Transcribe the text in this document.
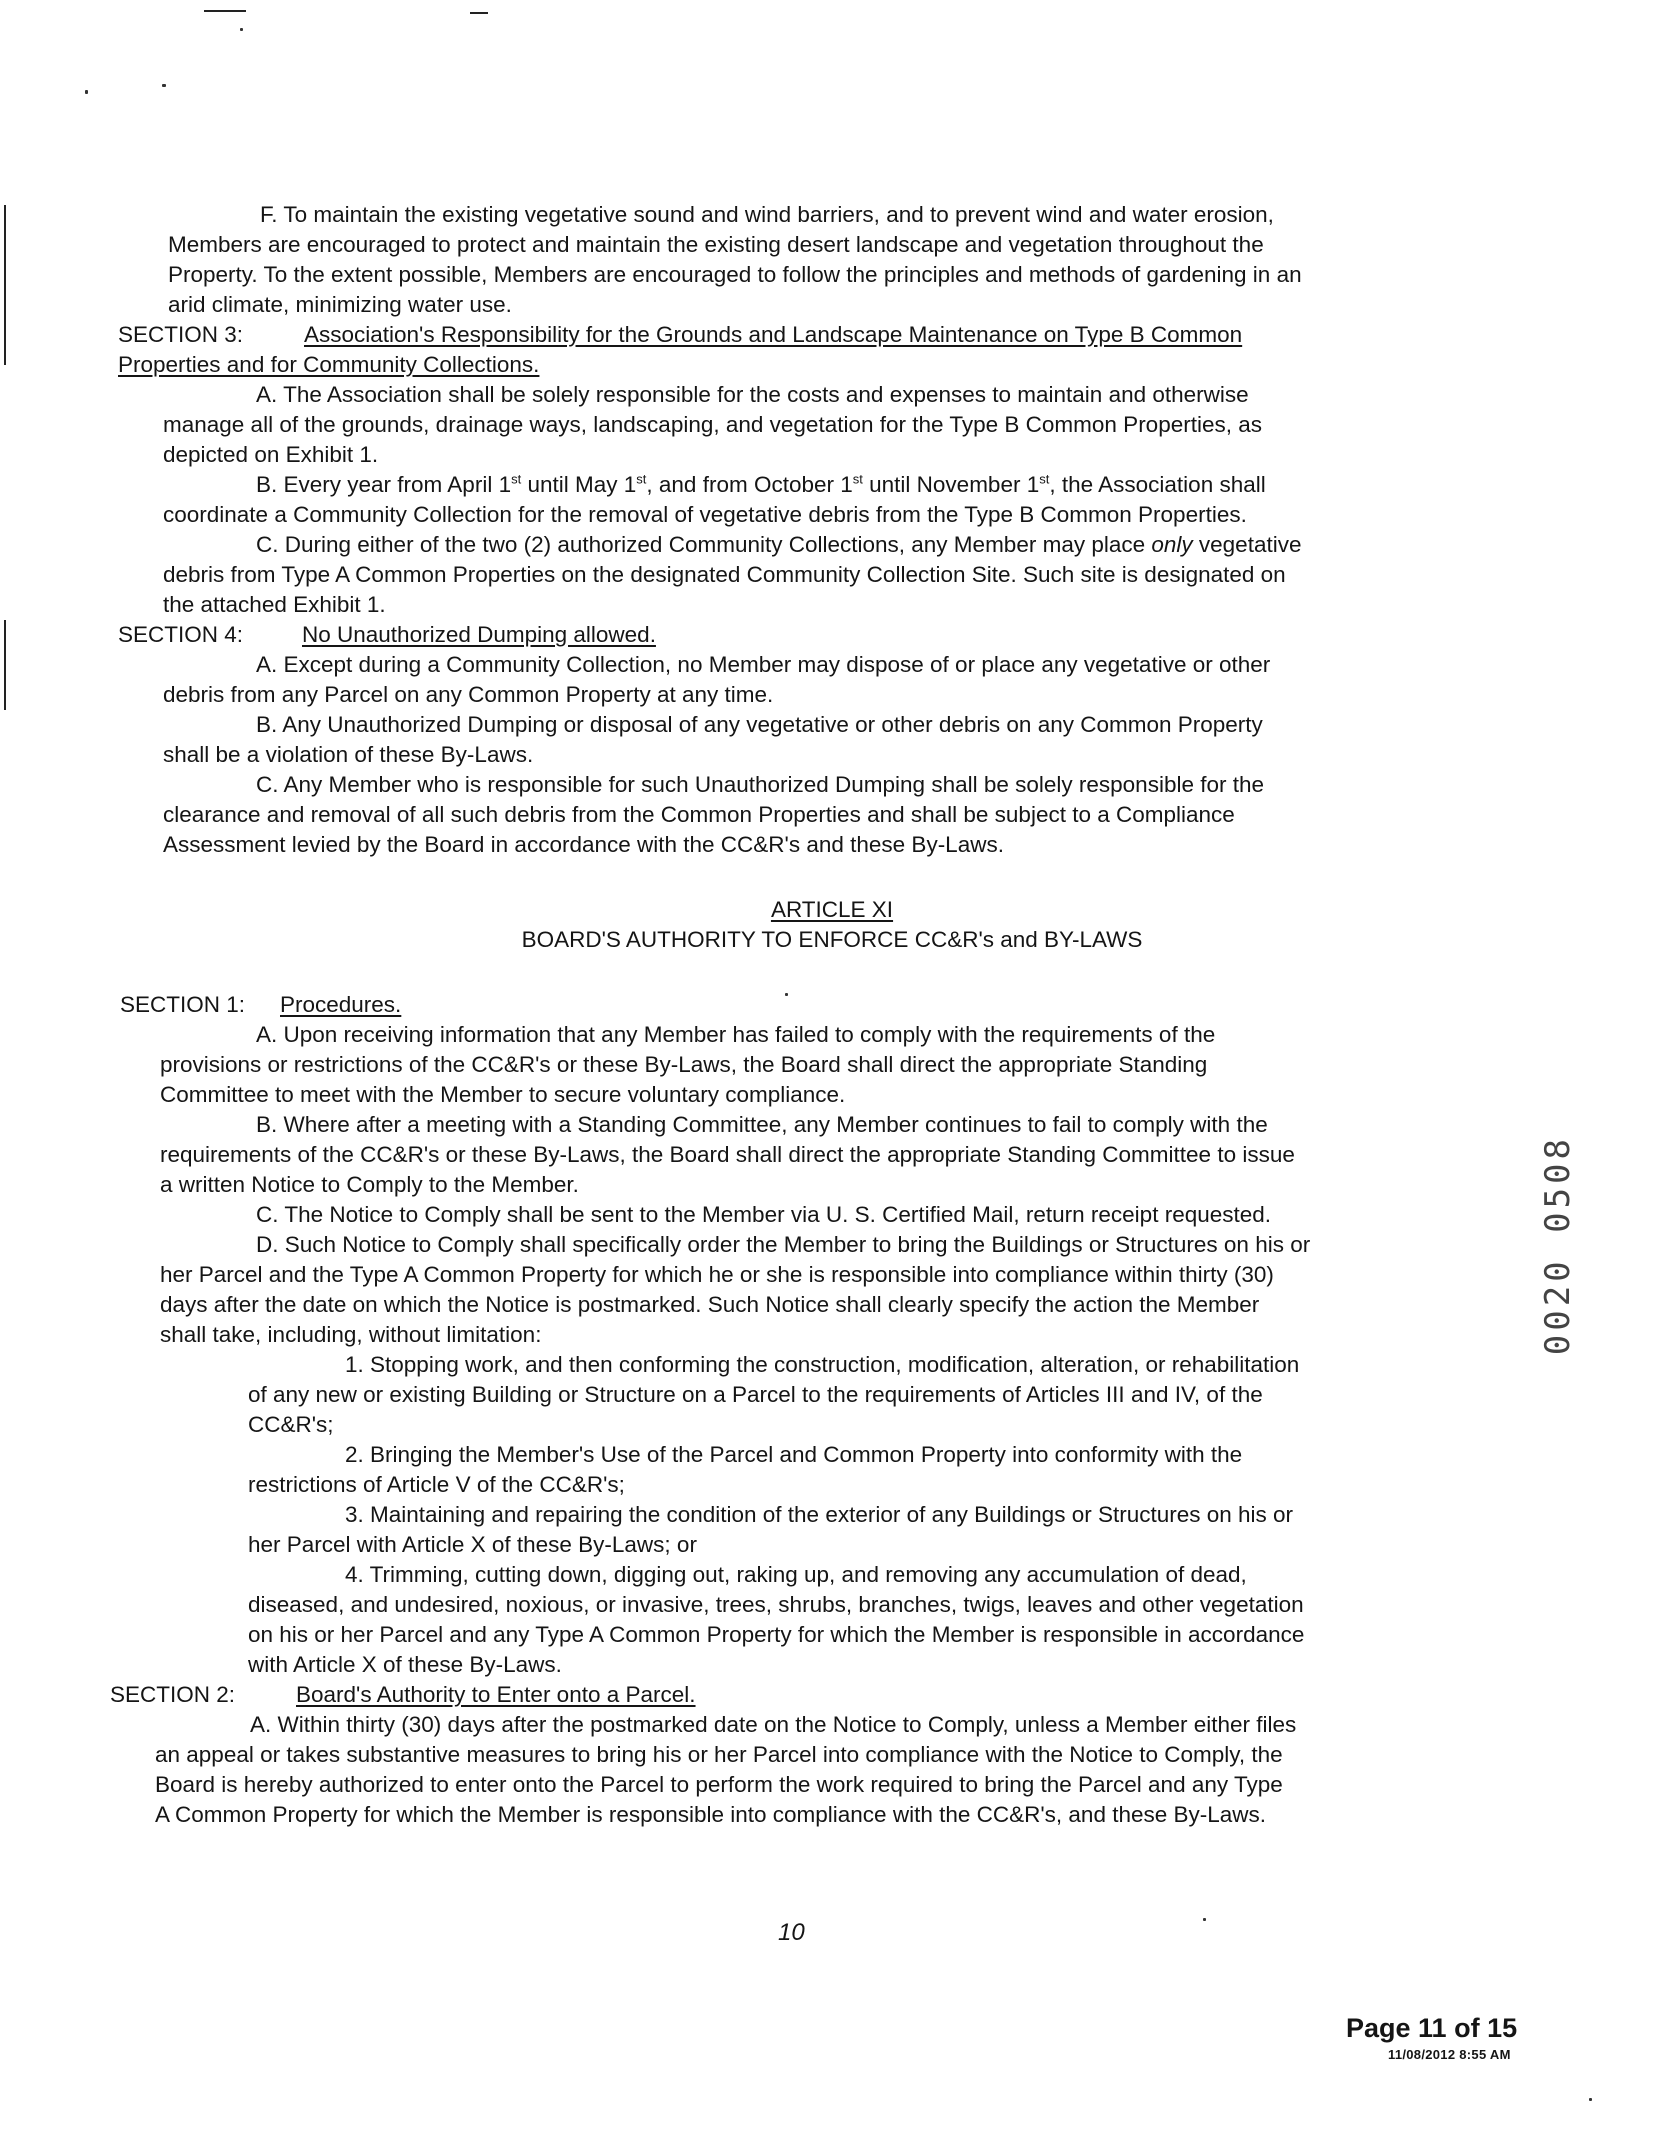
F. To maintain the existing vegetative sound and wind barriers, and to prevent wind and water erosion,
Members are encouraged to protect and maintain the existing desert landscape and vegetation throughout the
Property. To the extent possible, Members are encouraged to follow the principles and methods of gardening in an
arid climate, minimizing water use.
SECTION 3:	Association's Responsibility for the Grounds and Landscape Maintenance on Type B Common
Properties and for Community Collections.
A. The Association shall be solely responsible for the costs and expenses to maintain and otherwise
manage all of the grounds, drainage ways, landscaping, and vegetation for the Type B Common Properties, as
depicted on Exhibit 1.
B. Every year from April 1st until May 1st, and from October 1st until November 1st, the Association shall
coordinate a Community Collection for the removal of vegetative debris from the Type B Common Properties.
C. During either of the two (2) authorized Community Collections, any Member may place only vegetative
debris from Type A Common Properties on the designated Community Collection Site. Such site is designated on
the attached Exhibit 1.
SECTION 4:	No Unauthorized Dumping allowed.
A. Except during a Community Collection, no Member may dispose of or place any vegetative or other
debris from any Parcel on any Common Property at any time.
B. Any Unauthorized Dumping or disposal of any vegetative or other debris on any Common Property
shall be a violation of these By-Laws.
C. Any Member who is responsible for such Unauthorized Dumping shall be solely responsible for the
clearance and removal of all such debris from the Common Properties and shall be subject to a Compliance
Assessment levied by the Board in accordance with the CC&R's and these By-Laws.
ARTICLE XI
BOARD'S AUTHORITY TO ENFORCE CC&R's and BY-LAWS
SECTION 1: Procedures.
A. Upon receiving information that any Member has failed to comply with the requirements of the
provisions or restrictions of the CC&R's or these By-Laws, the Board shall direct the appropriate Standing
Committee to meet with the Member to secure voluntary compliance.
B. Where after a meeting with a Standing Committee, any Member continues to fail to comply with the
requirements of the CC&R's or these By-Laws, the Board shall direct the appropriate Standing Committee to issue
a written Notice to Comply to the Member.
C. The Notice to Comply shall be sent to the Member via U. S. Certified Mail, return receipt requested.
D. Such Notice to Comply shall specifically order the Member to bring the Buildings or Structures on his or
her Parcel and the Type A Common Property for which he or she is responsible into compliance within thirty (30)
days after the date on which the Notice is postmarked. Such Notice shall clearly specify the action the Member
shall take, including, without limitation:
1. Stopping work, and then conforming the construction, modification, alteration, or rehabilitation
of any new or existing Building or Structure on a Parcel to the requirements of Articles III and IV, of the
CC&R's;
2. Bringing the Member's Use of the Parcel and Common Property into conformity with the
restrictions of Article V of the CC&R's;
3. Maintaining and repairing the condition of the exterior of any Buildings or Structures on his or
her Parcel with Article X of these By-Laws; or
4. Trimming, cutting down, digging out, raking up, and removing any accumulation of dead,
diseased, and undesired, noxious, or invasive, trees, shrubs, branches, twigs, leaves and other vegetation
on his or her Parcel and any Type A Common Property for which the Member is responsible in accordance
with Article X of these By-Laws.
SECTION 2:	Board's Authority to Enter onto a Parcel.
A. Within thirty (30) days after the postmarked date on the Notice to Comply, unless a Member either files
an appeal or takes substantive measures to bring his or her Parcel into compliance with the Notice to Comply, the
Board is hereby authorized to enter onto the Parcel to perform the work required to bring the Parcel and any Type
A Common Property for which the Member is responsible into compliance with the CC&R's, and these By-Laws.
10
0020 0508
Page 11 of 15
11/08/2012 8:55 AM
